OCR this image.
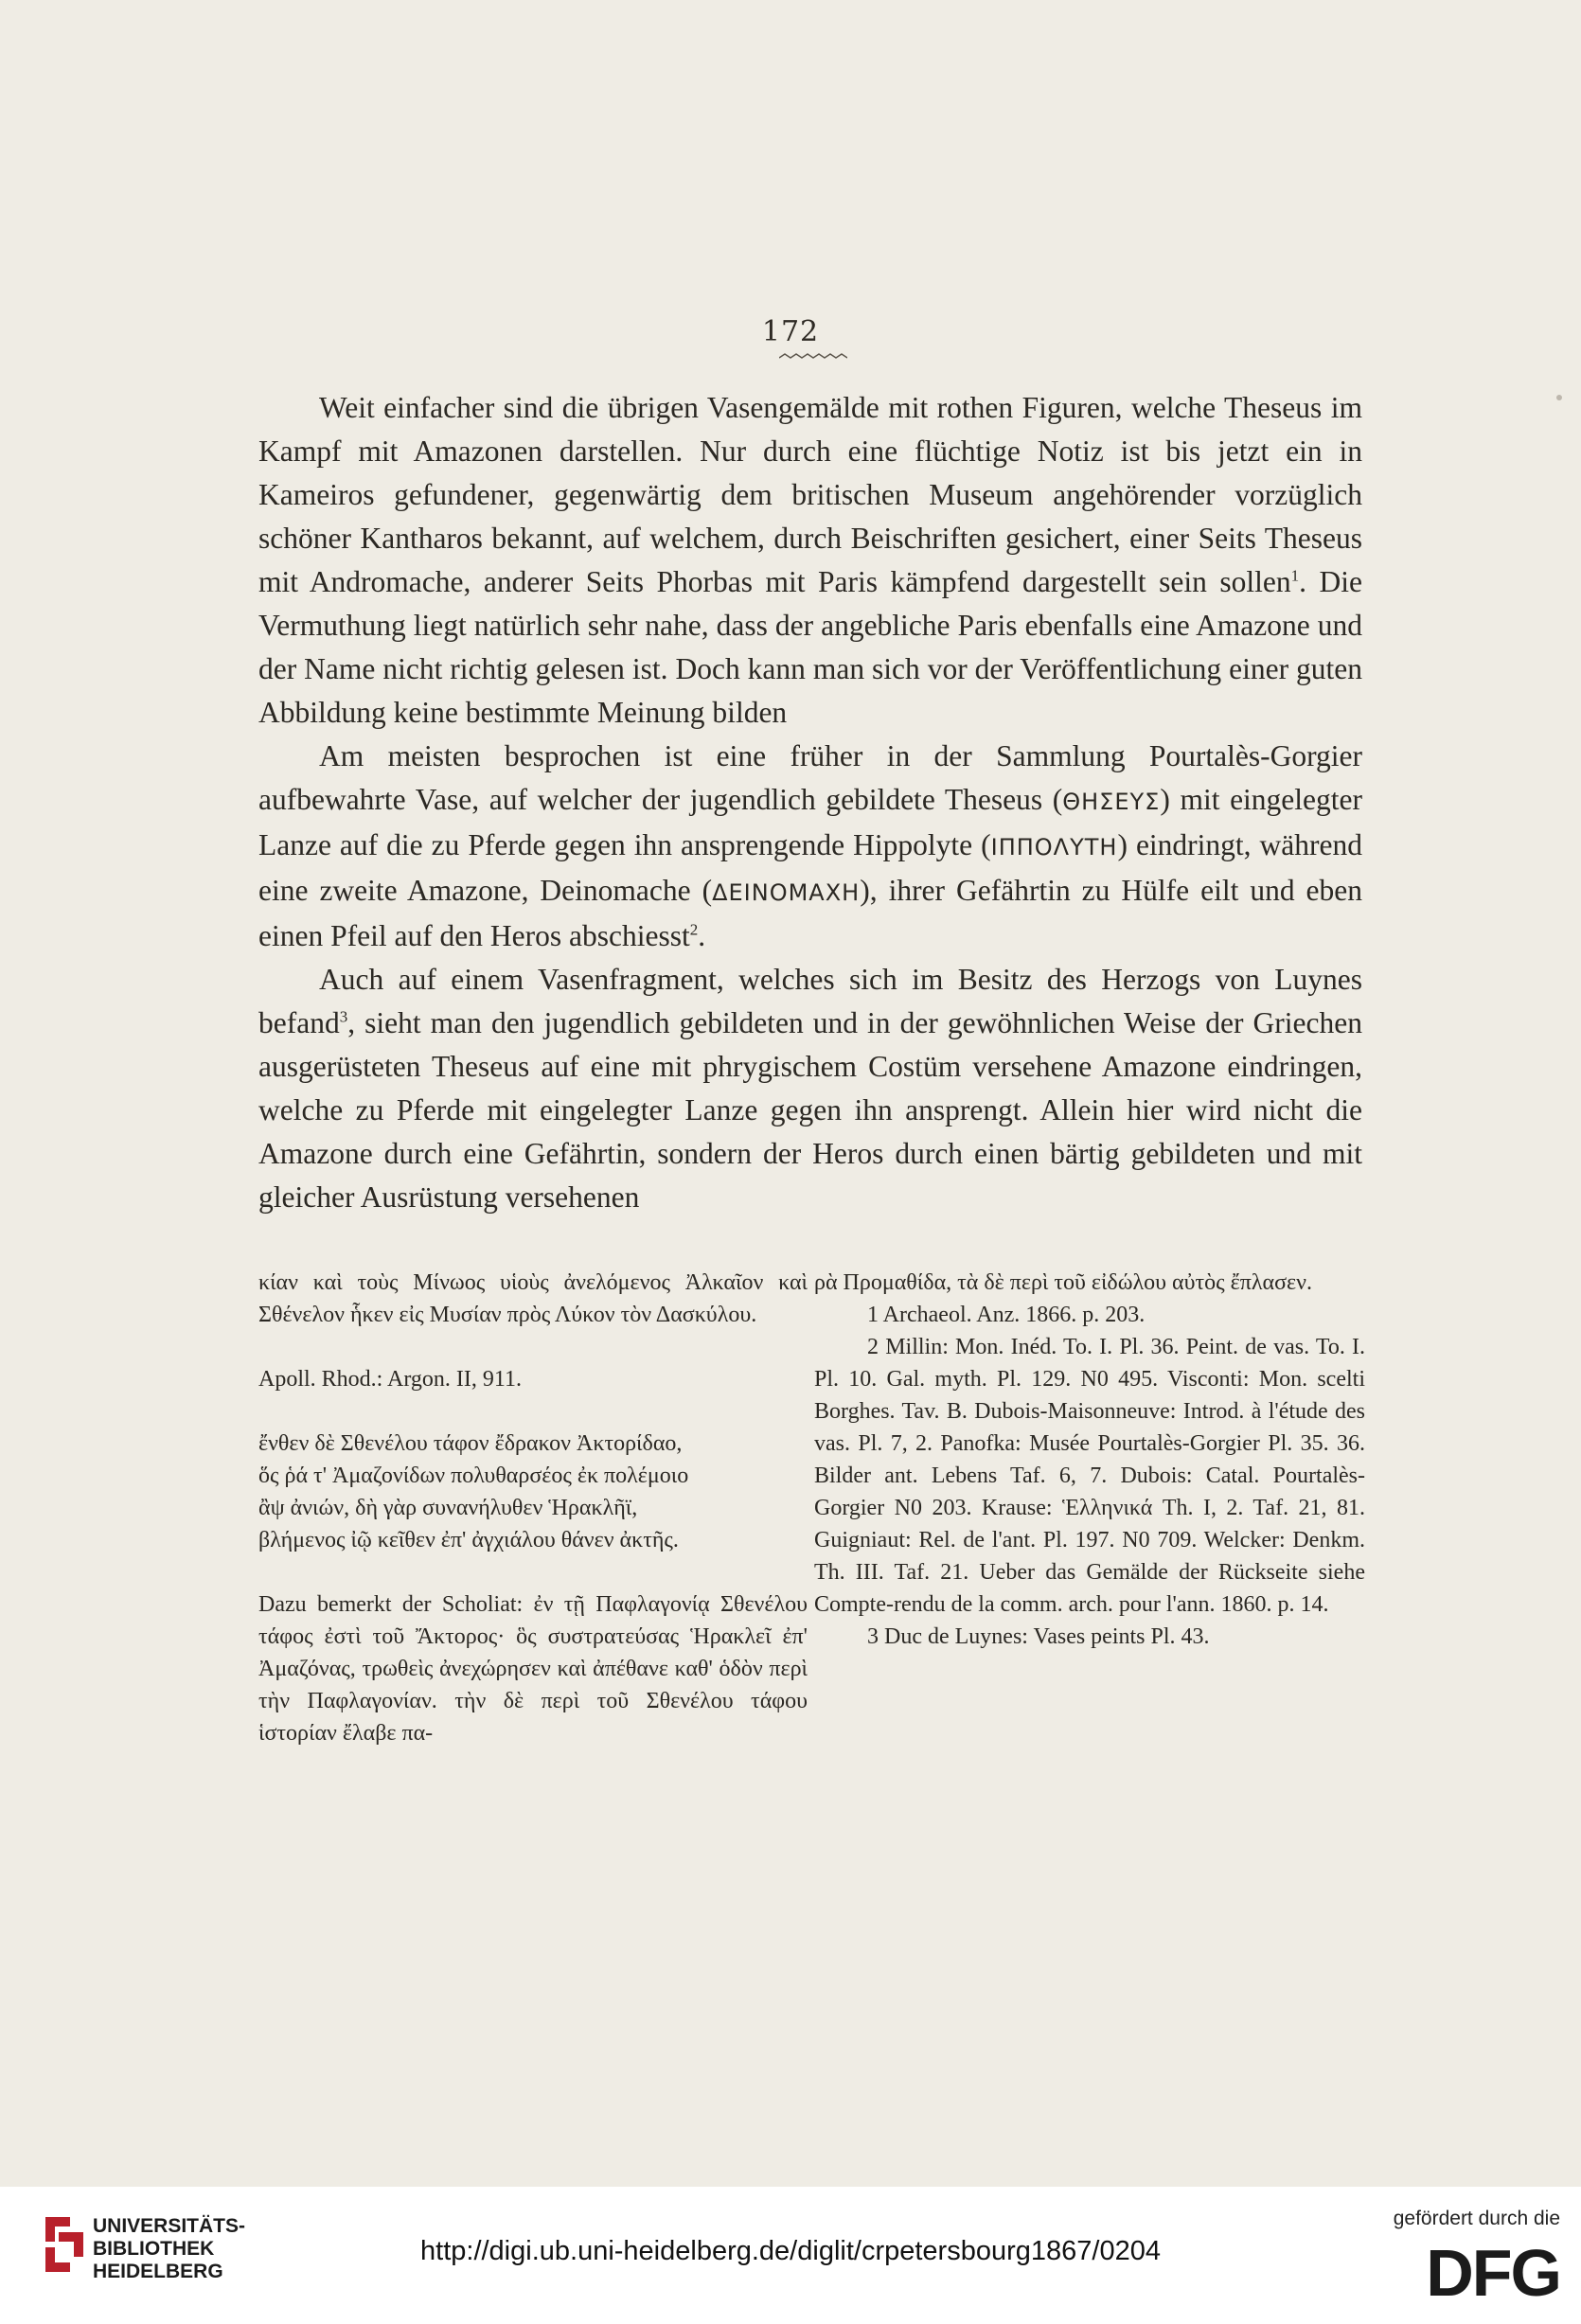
172

Weit einfacher sind die übrigen Vasengemälde mit rothen Figuren, welche Theseus im Kampf mit Amazonen darstellen. Nur durch eine flüchtige Notiz ist bis jetzt ein in Kameiros gefundener, gegenwärtig dem britischen Museum angehörender vorzüglich schöner Kantharos bekannt, auf welchem, durch Beischriften gesichert, einer Seits Theseus mit Andromache, anderer Seits Phorbas mit Paris kämpfend dargestellt sein sollen$^1$. Die Vermuthung liegt natürlich sehr nahe, dass der angebliche Paris ebenfalls eine Amazone und der Name nicht richtig gelesen ist. Doch kann man sich vor der Veröffentlichung einer guten Abbildung keine bestimmte Meinung bilden

Am meisten besprochen ist eine früher in der Sammlung Pourtalès-Gorgier aufbewahrte Vase, auf welcher der jugendlich gebildete Theseus (ΘΗΣΕΥΣ) mit eingelegter Lanze auf die zu Pferde gegen ihn ansprengende Hippolyte (ΙΠΠΟΛΥΤΗ) eindringt, während eine zweite Amazone, Deinomache (ΔΕΙΝΟΜΑΧΗ), ihrer Gefährtin zu Hülfe eilt und eben einen Pfeil auf den Heros abschiesst$^2$.

Auch auf einem Vasenfragment, welches sich im Besitz des Herzogs von Luynes befand$^3$, sieht man den jugendlich gebildeten und in der gewöhnlichen Weise der Griechen ausgerüsteten Theseus auf eine mit phrygischem Costüm versehene Amazone eindringen, welche zu Pferde mit eingelegter Lanze gegen ihn ansprengt. Allein hier wird nicht die Amazone durch eine Gefährtin, sondern der Heros durch einen bärtig gebildeten und mit gleicher Ausrüstung versehenen

κίαν καὶ τοὺς Μίνωος υἱοὺς ἀνελόμενος Ἀλκαῖον καὶ Σθένελον ἧκεν εἰς Μυσίαν πρὸς Λύκον τὸν Δασκύλου.

Apoll. Rhod.: Argon. II, 911.

ἔνθεν δὲ Σθενέλου τάφον ἔδρακον Ἀκτορίδαο,

ὅς ῥά τ' Ἀμαζονίδων πολυθαρσέος ἐκ πολέμοιο

ἂψ ἀνιών, δὴ γὰρ συνανήλυθεν Ἡρακλῆϊ,

βλήμενος ἰῷ κεῖθεν ἐπ' ἀγχιάλου θάνεν ἀκτῆς.

Dazu bemerkt der Scholiat: ἐν τῇ Παφλαγονίᾳ Σθενέλου τάφος ἐστὶ τοῦ Ἄκτορος· ὃς συστρατεύσας Ἡρακλεῖ ἐπ' Ἀμαζόνας, τρωθεὶς ἀνεχώρησεν καὶ ἀπέθανε καθ' ὁδὸν περὶ τὴν Παφλαγονίαν. τὴν δὲ περὶ τοῦ Σθενέλου τάφου ἱστορίαν ἔλαβε πα-

ρὰ Προμαθίδα, τὰ δὲ περὶ τοῦ εἰδώλου αὐτὸς ἔπλασεν.

1 Archaeol. Anz. 1866. p. 203.

2 Millin: Mon. Inéd. To. I. Pl. 36. Peint. de vas. To. I. Pl. 10. Gal. myth. Pl. 129. N0 495. Visconti: Mon. scelti Borghes. Tav. B. Dubois-Maisonneuve: Introd. à l'étude des vas. Pl. 7, 2. Panofka: Musée Pourtalès-Gorgier Pl. 35. 36. Bilder ant. Lebens Taf. 6, 7. Dubois: Catal. Pourtalès-Gorgier N0 203. Krause: Ἑλληνικά Th. I, 2. Taf. 21, 81. Guigniaut: Rel. de l'ant. Pl. 197. N0 709. Welcker: Denkm. Th. III. Taf. 21. Ueber das Gemälde der Rückseite siehe Compte-rendu de la comm. arch. pour l'ann. 1860. p. 14.

3 Duc de Luynes: Vases peints Pl. 43.

UNIVERSITÄTS-
BIBLIOTHEK
HEIDELBERG
http://digi.ub.uni-heidelberg.de/diglit/crpetersbourg1867/0204
gefördert durch die
DFG
